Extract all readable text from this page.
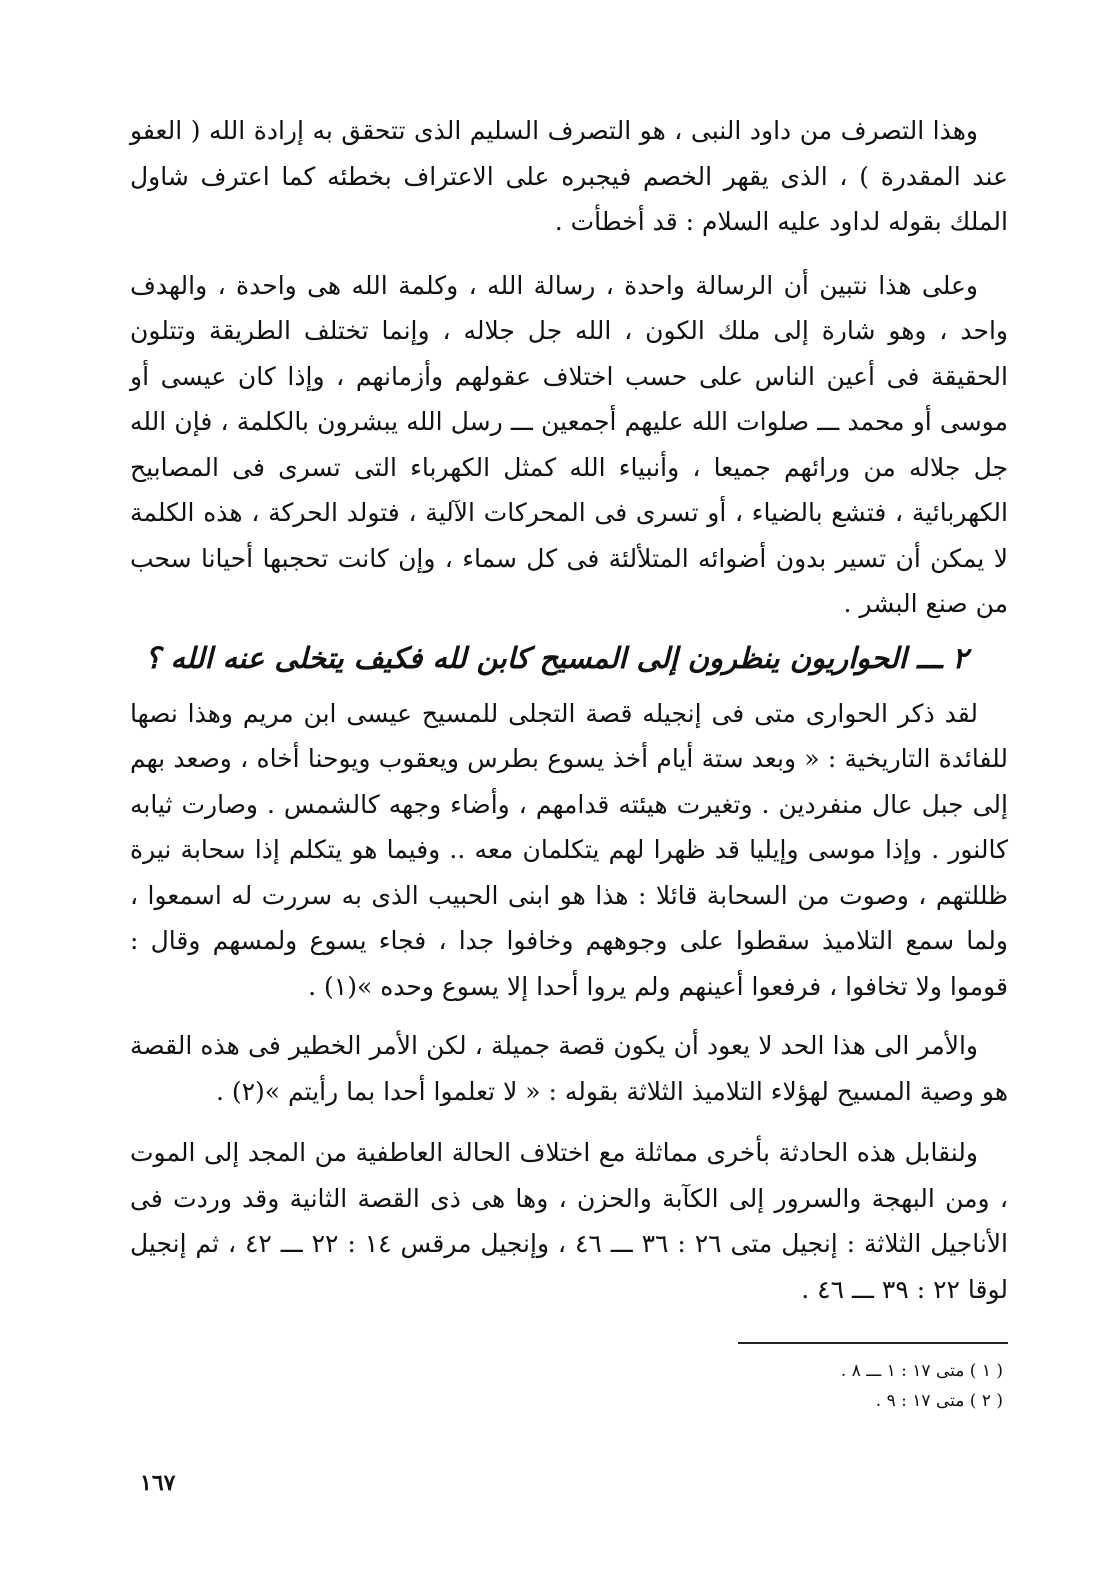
وهذا التصرف من داود النبى ، هو التصرف السليم الذى تتحقق به إرادة الله ( العفو عند المقدرة ) ، الذى يقهر الخصم فيجبره على الاعتراف بخطئه كما اعترف شاول الملك بقوله لداود عليه السلام : قد أخطأت .

وعلى هذا نتبين أن الرسالة واحدة ، رسالة الله ، وكلمة الله هى واحدة ، والهدف واحد ، وهو شارة إلى ملك الكون ، الله جل جلاله ، وإنما تختلف الطريقة وتتلون الحقيقة فى أعين الناس على حسب اختلاف عقولهم وأزمانهم ، وإذا كان عيسى أو موسى أو محمد ـــ صلوات الله عليهم أجمعين ـــ رسل الله يبشرون بالكلمة ، فإن الله جل جلاله من ورائهم جميعا ، وأنبياء الله كمثل الكهرباء التى تسرى فى المصابيح الكهربائية ، فتشع بالضياء ، أو تسرى فى المحركات الآلية ، فتولد الحركة ، هذه الكلمة لا يمكن أن تسير بدون أضوائه المتلألئة فى كل سماء ، وإن كانت تحجبها أحيانا سحب من صنع البشر .

٢ ـــ الحواريون ينظرون إلى المسيح كابن لله فكيف يتخلى عنه الله ؟

لقد ذكر الحوارى متى فى إنجيله قصة التجلى للمسيح عيسى ابن مريم وهذا نصها للفائدة التاريخية : « وبعد ستة أيام أخذ يسوع بطرس ويعقوب ويوحنا أخاه ، وصعد بهم إلى جبل عال منفردين . وتغيرت هيئته قدامهم ، وأضاء وجهه كالشمس . وصارت ثيابه كالنور . وإذا موسى وإيليا قد ظهرا لهم يتكلمان معه .. وفيما هو يتكلم إذا سحابة نيرة ظللتهم ، وصوت من السحابة قائلا : هذا هو ابنى الحبيب الذى به سررت له اسمعوا ، ولما سمع التلاميذ سقطوا على وجوههم وخافوا جدا ، فجاء يسوع ولمسهم وقال : قوموا ولا تخافوا ، فرفعوا أعينهم ولم يروا أحدا إلا يسوع وحده »(١) .

والأمر الى هذا الحد لا يعود أن يكون قصة جميلة ، لكن الأمر الخطير فى هذه القصة هو وصية المسيح لهؤلاء التلاميذ الثلاثة بقوله : « لا تعلموا أحدا بما رأيتم »(٢) .

ولنقابل هذه الحادثة بأخرى مماثلة مع اختلاف الحالة العاطفية من المجد إلى الموت ، ومن البهجة والسرور إلى الكآبة والحزن ، وها هى ذى القصة الثانية وقد وردت فى الأناجيل الثلاثة : إنجيل متى ٢٦ : ٣٦ ـــ ٤٦ ، وإنجيل مرقس ١٤ : ٢٢ ـــ ٤٢ ، ثم إنجيل لوقا ٢٢ : ٣٩ ـــ ٤٦ .

( ١ ) متى ١٧ : ١ ـــ ٨ .

( ٢ ) متى ١٧ : ٩ .

١٦٧
